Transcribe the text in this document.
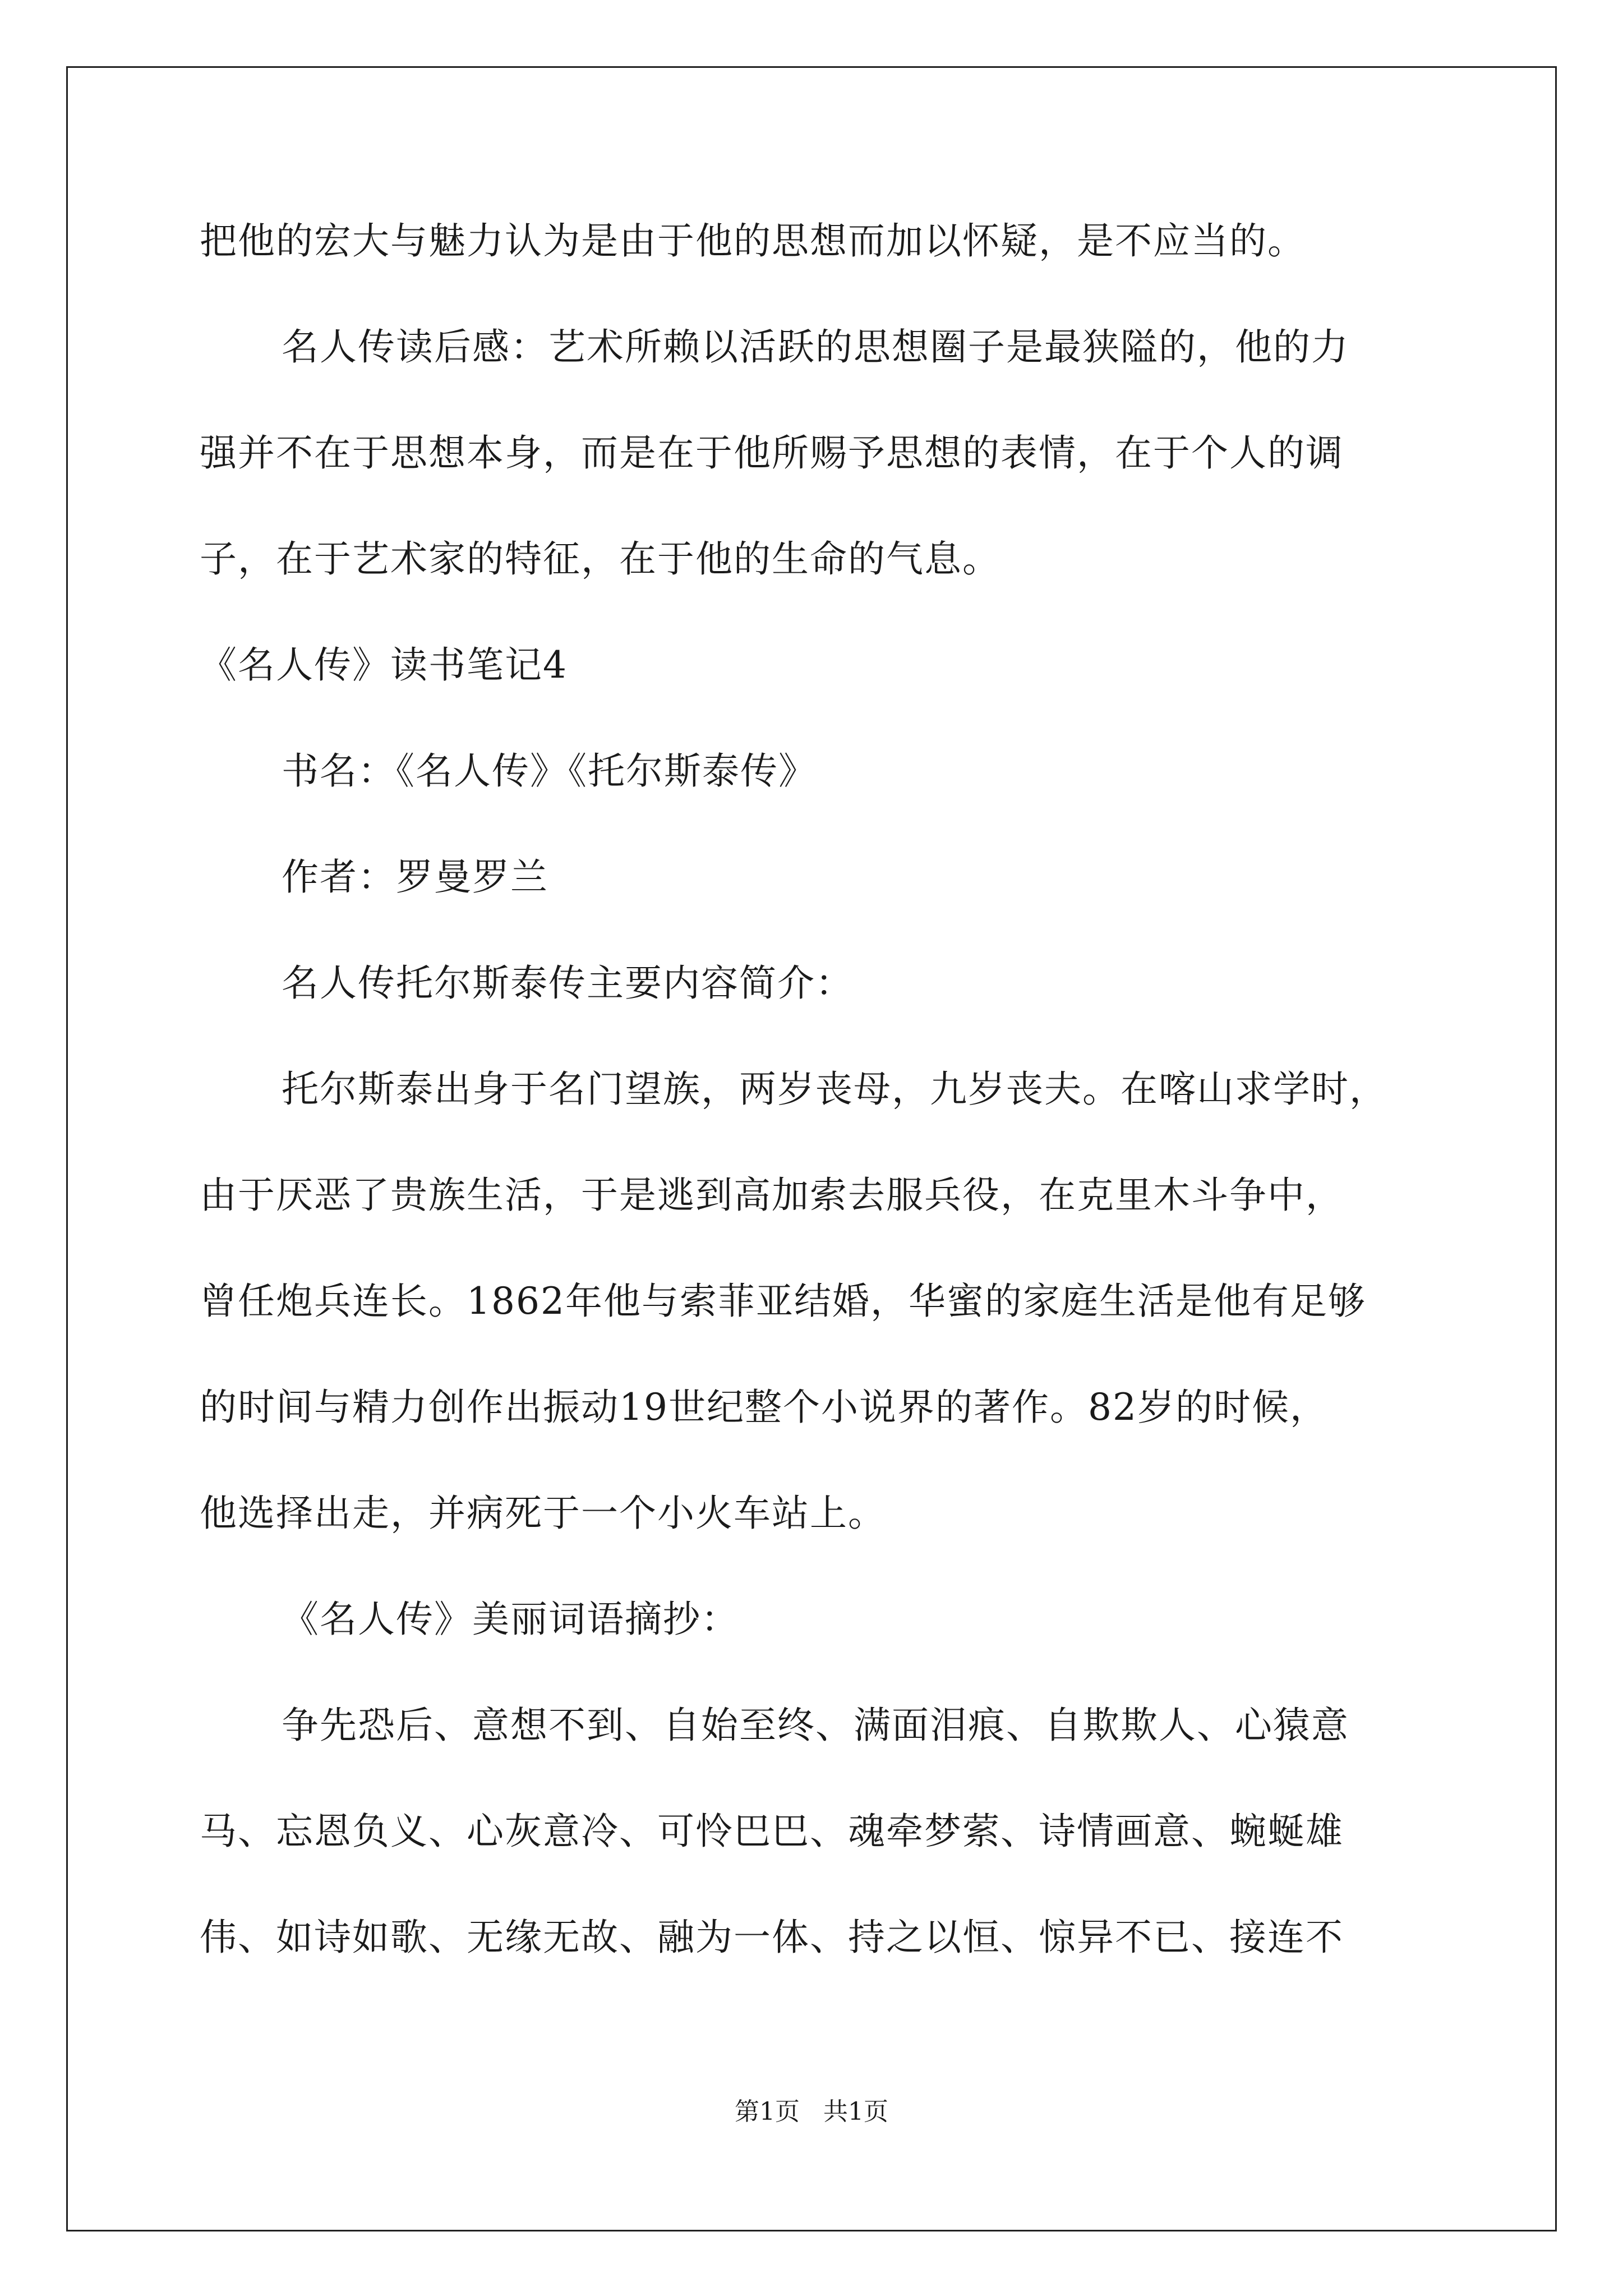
把他的宏大与魅力认为是由于他的思想而加以怀疑，是不应当的。
名人传读后感：艺术所赖以活跃的思想圈子是最狭隘的，他的力
强并不在于思想本身，而是在于他所赐予思想的表情，在于个人的调
子，在于艺术家的特征，在于他的生命的气息。
《名人传》读书笔记4
书名：《名人传》《托尔斯泰传》
作者：罗曼罗兰
名人传托尔斯泰传主要内容简介：
托尔斯泰出身于名门望族，两岁丧母，九岁丧夫。在喀山求学时，
由于厌恶了贵族生活，于是逃到高加索去服兵役，在克里木斗争中，
曾任炮兵连长。1862年他与索菲亚结婚，华蜜的家庭生活是他有足够
的时间与精力创作出振动19世纪整个小说界的著作。82岁的时候，
他选择出走，并病死于一个小火车站上。
《名人传》美丽词语摘抄：
争先恐后、意想不到、自始至终、满面泪痕、自欺欺人、心猿意
马、忘恩负义、心灰意冷、可怜巴巴、魂牵梦萦、诗情画意、蜿蜒雄
伟、如诗如歌、无缘无故、融为一体、持之以恒、惊异不已、接连不
第1页   共1页
